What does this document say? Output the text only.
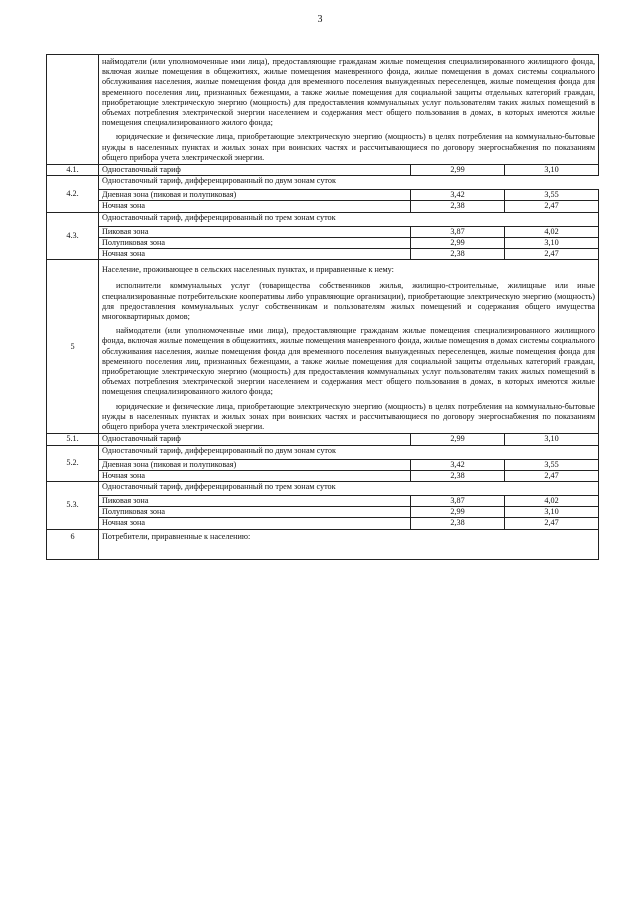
3

	наймодатели (или уполномоченные ими лица), предоставляющие гражданам жилые помещения специализированного жилищного фонда, включая жилые помещения в общежитиях, жилые помещения маневренного фонда, жилые помещения в домах системы социального обслуживания населения, жилые помещения фонда для временного поселения вынужденных переселенцев, жилые помещения фонда для временного поселения лиц, признанных беженцами, а также жилые помещения для социальной защиты отдельных категорий граждан, приобретающие электрическую энергию (мощность) для предоставления коммунальных услуг пользователям таких жилых помещений в объемах потребления электрической энергии населением и содержания мест общего пользования в домах, в которых имеются жилые помещения специализированного жилого фонда;

юридические и физические лица, приобретающие электрическую энергию (мощность) в целях потребления на коммунально-бытовые нужды в населенных пунктах и жилых зонах при воинских частях и рассчитывающиеся по договору энергоснабжения по показаниям общего прибора учета электрической энергии.		

4.1.	Одноставочный тариф	2,99	3,10
4.2.	Одноставочный тариф, дифференцированный по двум зонам суток		
	Дневная зона (пиковая и полупиковая)	3,42	3,55
	Ночная зона	2,38	2,47
4.3.	Одноставочный тариф, дифференцированный по трем зонам суток		
	Пиковая зона	3,87	4,02
	Полупиковая зона	2,99	3,10
	Ночная зона	2,38	2,47
5	Население, проживающее в сельских населенных пунктах, и приравненные к нему:

исполнители коммунальных услуг (товарищества собственников жилья, жилищно-строительные, жилищные или иные специализированные потребительские кооперативы либо управляющие организации), приобретающие электрическую энергию (мощность) для предоставления коммунальных услуг собственникам и пользователям жилых помещений и содержания общего имущества многоквартирных домов;

наймодатели (или уполномоченные ими лица), предоставляющие гражданам жилые помещения специализированного жилищного фонда, включая жилые помещения в общежитиях, жилые помещения маневренного фонда, жилые помещения в домах системы социального обслуживания населения, жилые помещения фонда для временного поселения вынужденных переселенцев, жилые помещения фонда для временного поселения лиц, признанных беженцами, а также жилые помещения для социальной защиты отдельных категорий граждан, приобретающие электрическую энергию (мощность) для предоставления коммунальных услуг пользователям таких жилых помещений в объемах потребления электрической энергии населением и содержания мест общего пользования в домах, в которых имеются жилые помещения специализированного жилого фонда;

юридические и физические лица, приобретающие электрическую энергию (мощность) в целях потребления на коммунально-бытовые нужды в населенных пунктах и жилых зонах при воинских частях и рассчитывающиеся по договору энергоснабжения по показаниям общего прибора учета электрической энергии.		

5.1.	Одноставочный тариф	2,99	3,10
5.2.	Одноставочный тариф, дифференцированный по двум зонам суток		
	Дневная зона (пиковая и полупиковая)	3,42	3,55
	Ночная зона	2,38	2,47
5.3.	Одноставочный тариф, дифференцированный по трем зонам суток		
	Пиковая зона	3,87	4,02
	Полупиковая зона	2,99	3,10
	Ночная зона	2,38	2,47
6	Потребители, приравненные к населению:		
